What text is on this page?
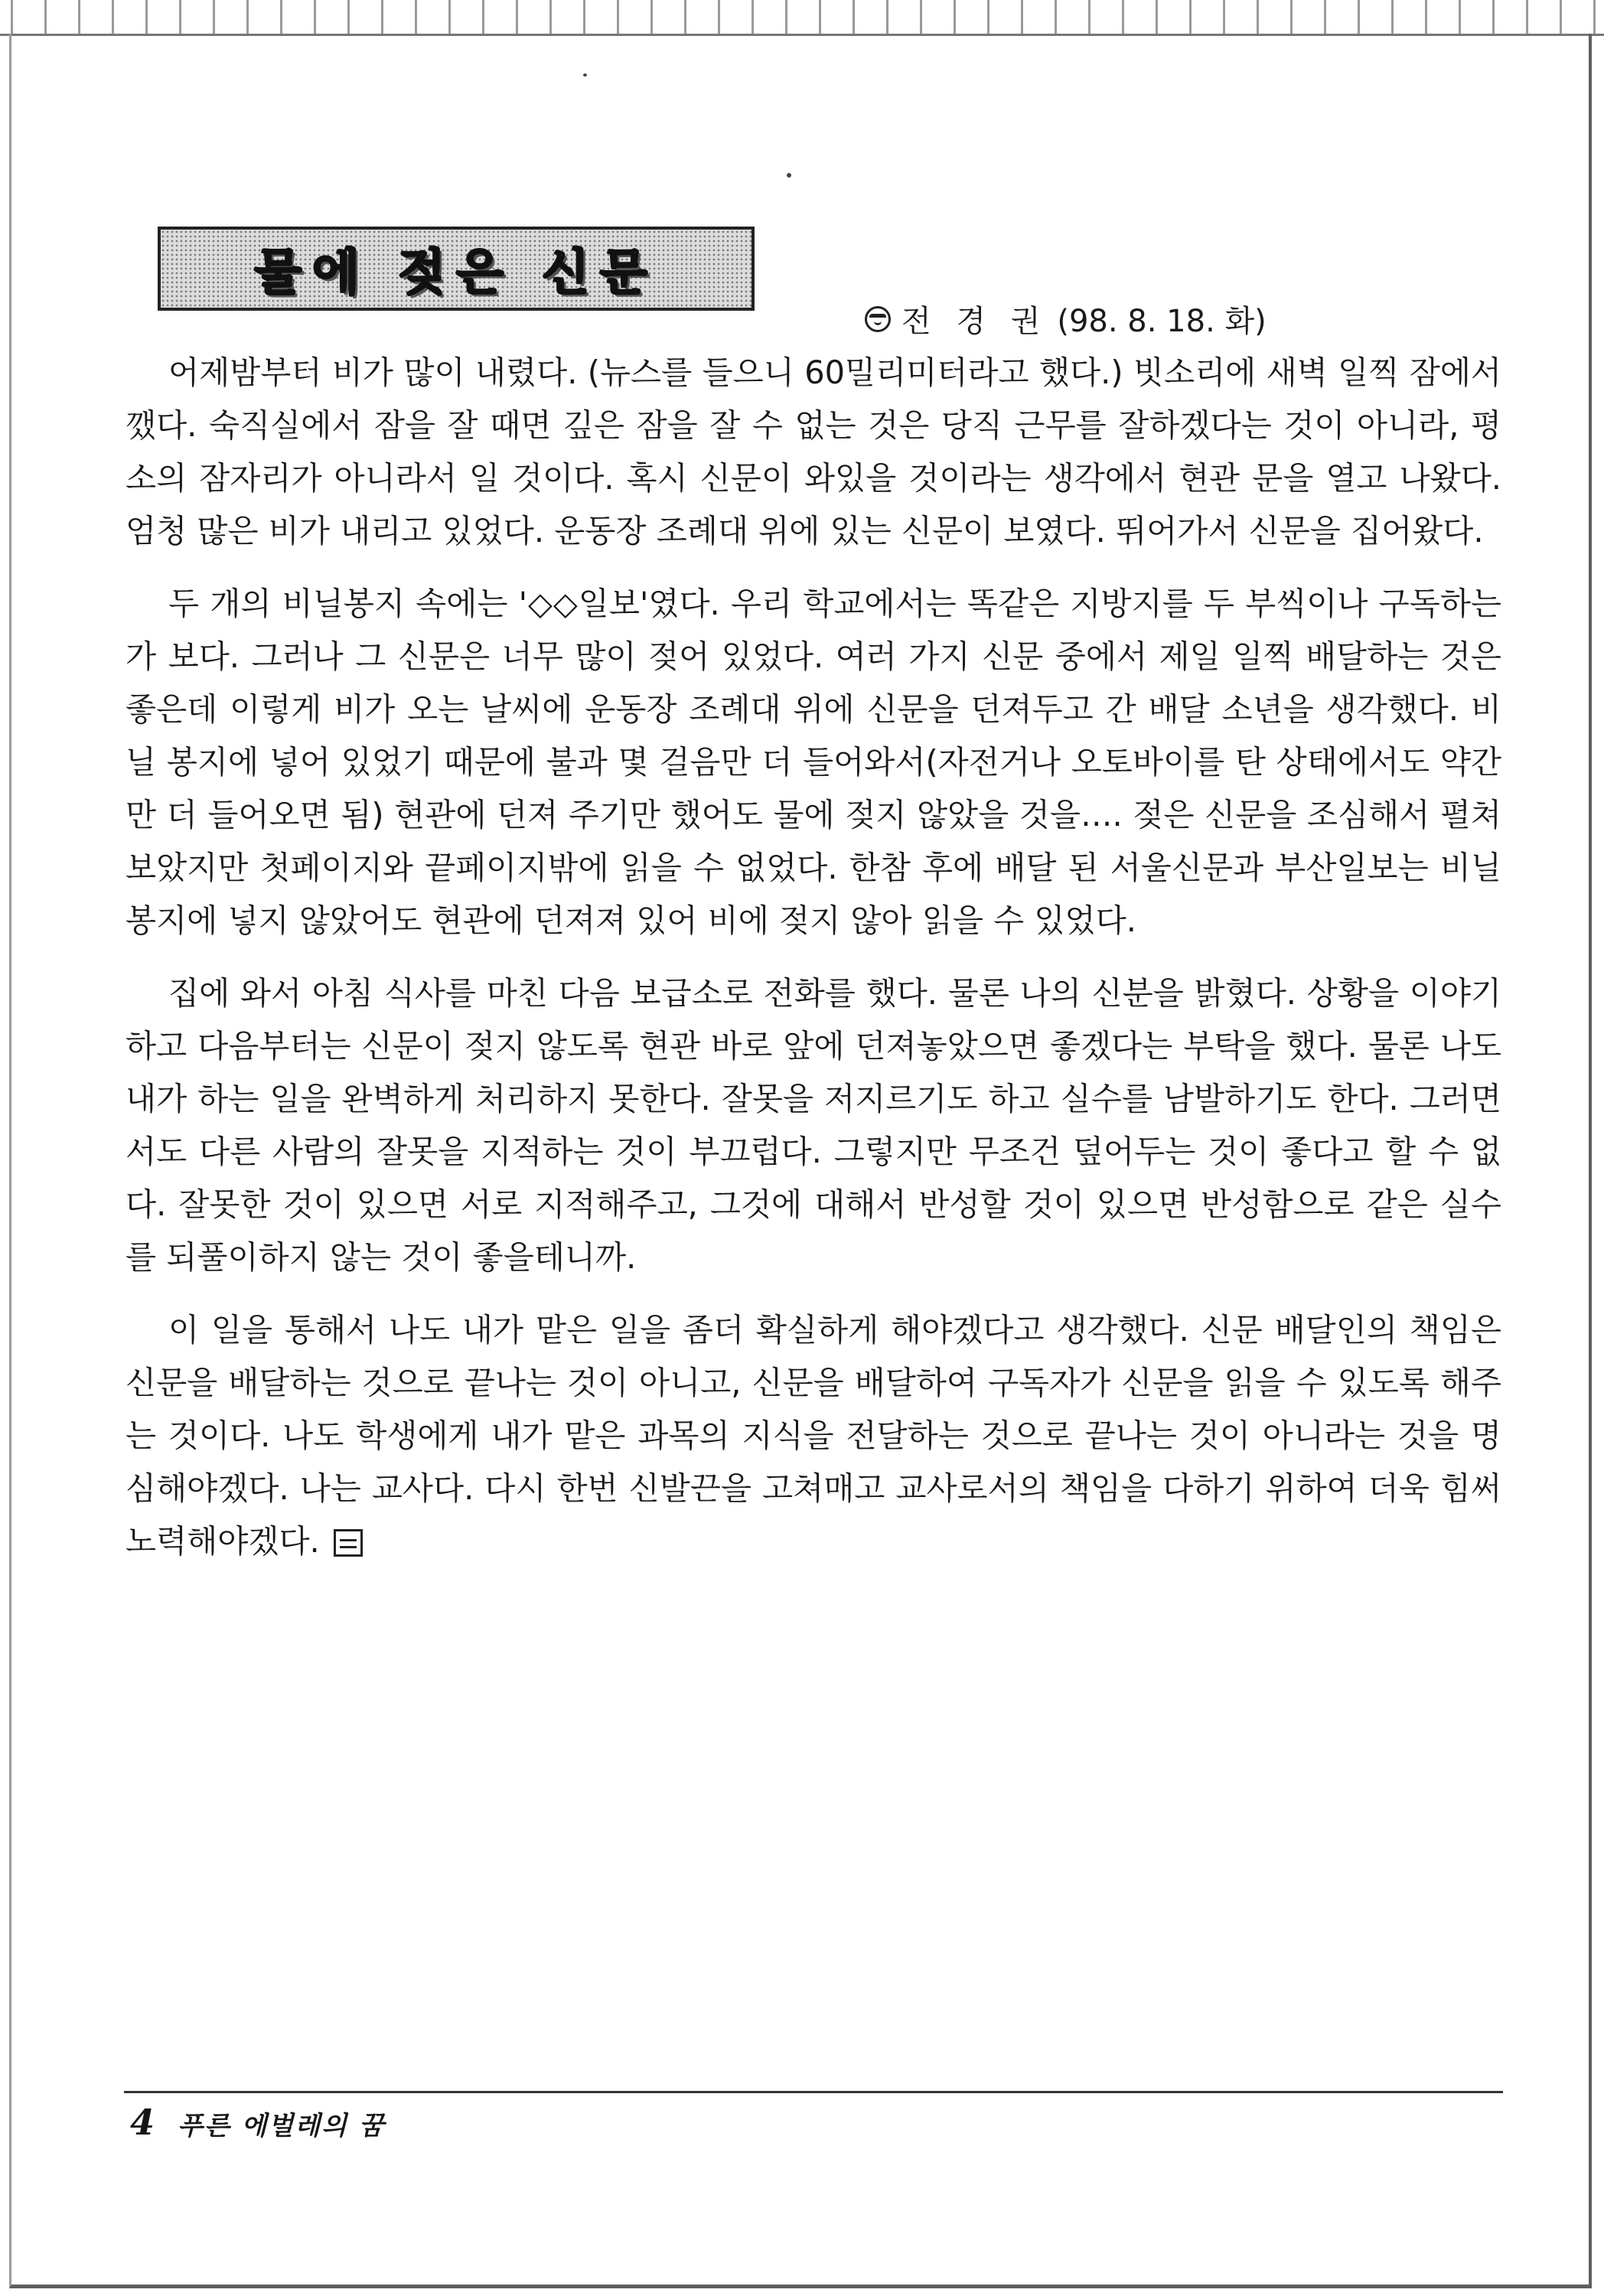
물에 젖은 신문
전 경 권 (98. 8. 18. 화)

어제밤부터 비가 많이 내렸다. (뉴스를 들으니 60밀리미터라고 했다.) 빗소리에 새벽 일찍 잠에서 깼다. 숙직실에서 잠을 잘 때면 깊은 잠을 잘 수 없는 것은 당직 근무를 잘하겠다는 것이 아니라, 평소의 잠자리가 아니라서 일 것이다. 혹시 신문이 와있을 것이라는 생각에서 현관 문을 열고 나왔다. 엄청 많은 비가 내리고 있었다. 운동장 조례대 위에 있는 신문이 보였다. 뛰어가서 신문을 집어왔다.

두 개의 비닐봉지 속에는 '◇◇일보'였다. 우리 학교에서는 똑같은 지방지를 두 부씩이나 구독하는가 보다. 그러나 그 신문은 너무 많이 젖어 있었다. 여러 가지 신문 중에서 제일 일찍 배달하는 것은 좋은데 이렇게 비가 오는 날씨에 운동장 조례대 위에 신문을 던져두고 간 배달 소년을 생각했다. 비닐 봉지에 넣어 있었기 때문에 불과 몇 걸음만 더 들어와서(자전거나 오토바이를 탄 상태에서도 약간만 더 들어오면 됨) 현관에 던져 주기만 했어도 물에 젖지 않았을 것을…. 젖은 신문을 조심해서 펼쳐 보았지만 첫페이지와 끝페이지밖에 읽을 수 없었다. 한참 후에 배달 된 서울신문과 부산일보는 비닐봉지에 넣지 않았어도 현관에 던져져 있어 비에 젖지 않아 읽을 수 있었다.

집에 와서 아침 식사를 마친 다음 보급소로 전화를 했다. 물론 나의 신분을 밝혔다. 상황을 이야기하고 다음부터는 신문이 젖지 않도록 현관 바로 앞에 던져놓았으면 좋겠다는 부탁을 했다. 물론 나도 내가 하는 일을 완벽하게 처리하지 못한다. 잘못을 저지르기도 하고 실수를 남발하기도 한다. 그러면서도 다른 사람의 잘못을 지적하는 것이 부끄럽다. 그렇지만 무조건 덮어두는 것이 좋다고 할 수 없다. 잘못한 것이 있으면 서로 지적해주고, 그것에 대해서 반성할 것이 있으면 반성함으로 같은 실수를 되풀이하지 않는 것이 좋을테니까.

이 일을 통해서 나도 내가 맡은 일을 좀더 확실하게 해야겠다고 생각했다. 신문 배달인의 책임은 신문을 배달하는 것으로 끝나는 것이 아니고, 신문을 배달하여 구독자가 신문을 읽을 수 있도록 해주는 것이다. 나도 학생에게 내가 맡은 과목의 지식을 전달하는 것으로 끝나는 것이 아니라는 것을 명심해야겠다. 나는 교사다. 다시 한번 신발끈을 고쳐매고 교사로서의 책임을 다하기 위하여 더욱 힘써 노력해야겠다.

4 푸른 에벌레의 꿈
